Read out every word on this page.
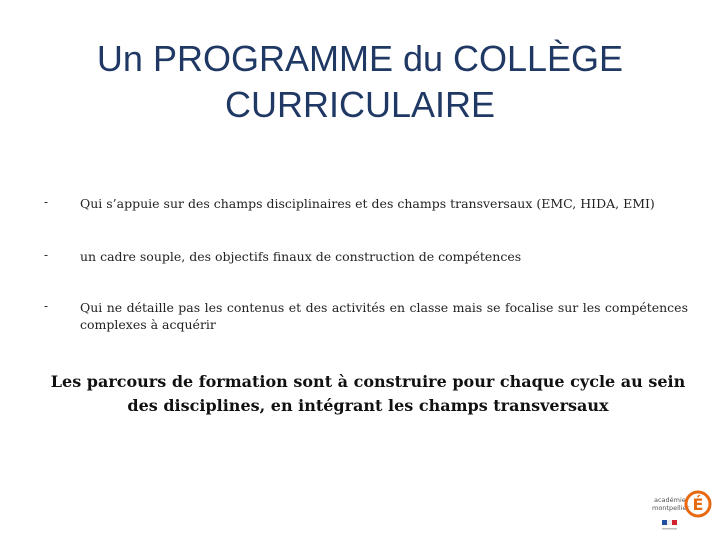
Un PROGRAMME du COLLÈGE
CURRICULAIRE
-	Qui s’appuie sur des champs disciplinaires et des champs transversaux (EMC, HIDA, EMI)
-	un cadre souple, des objectifs finaux de construction de compétences
-	Qui ne détaille pas les contenus et des activités en classe mais se focalise sur les compétences complexes à acquérir
Les parcours de formation sont à construire pour chaque cycle au sein des disciplines, en intégrant les champs transversaux
académie
montpellier É
